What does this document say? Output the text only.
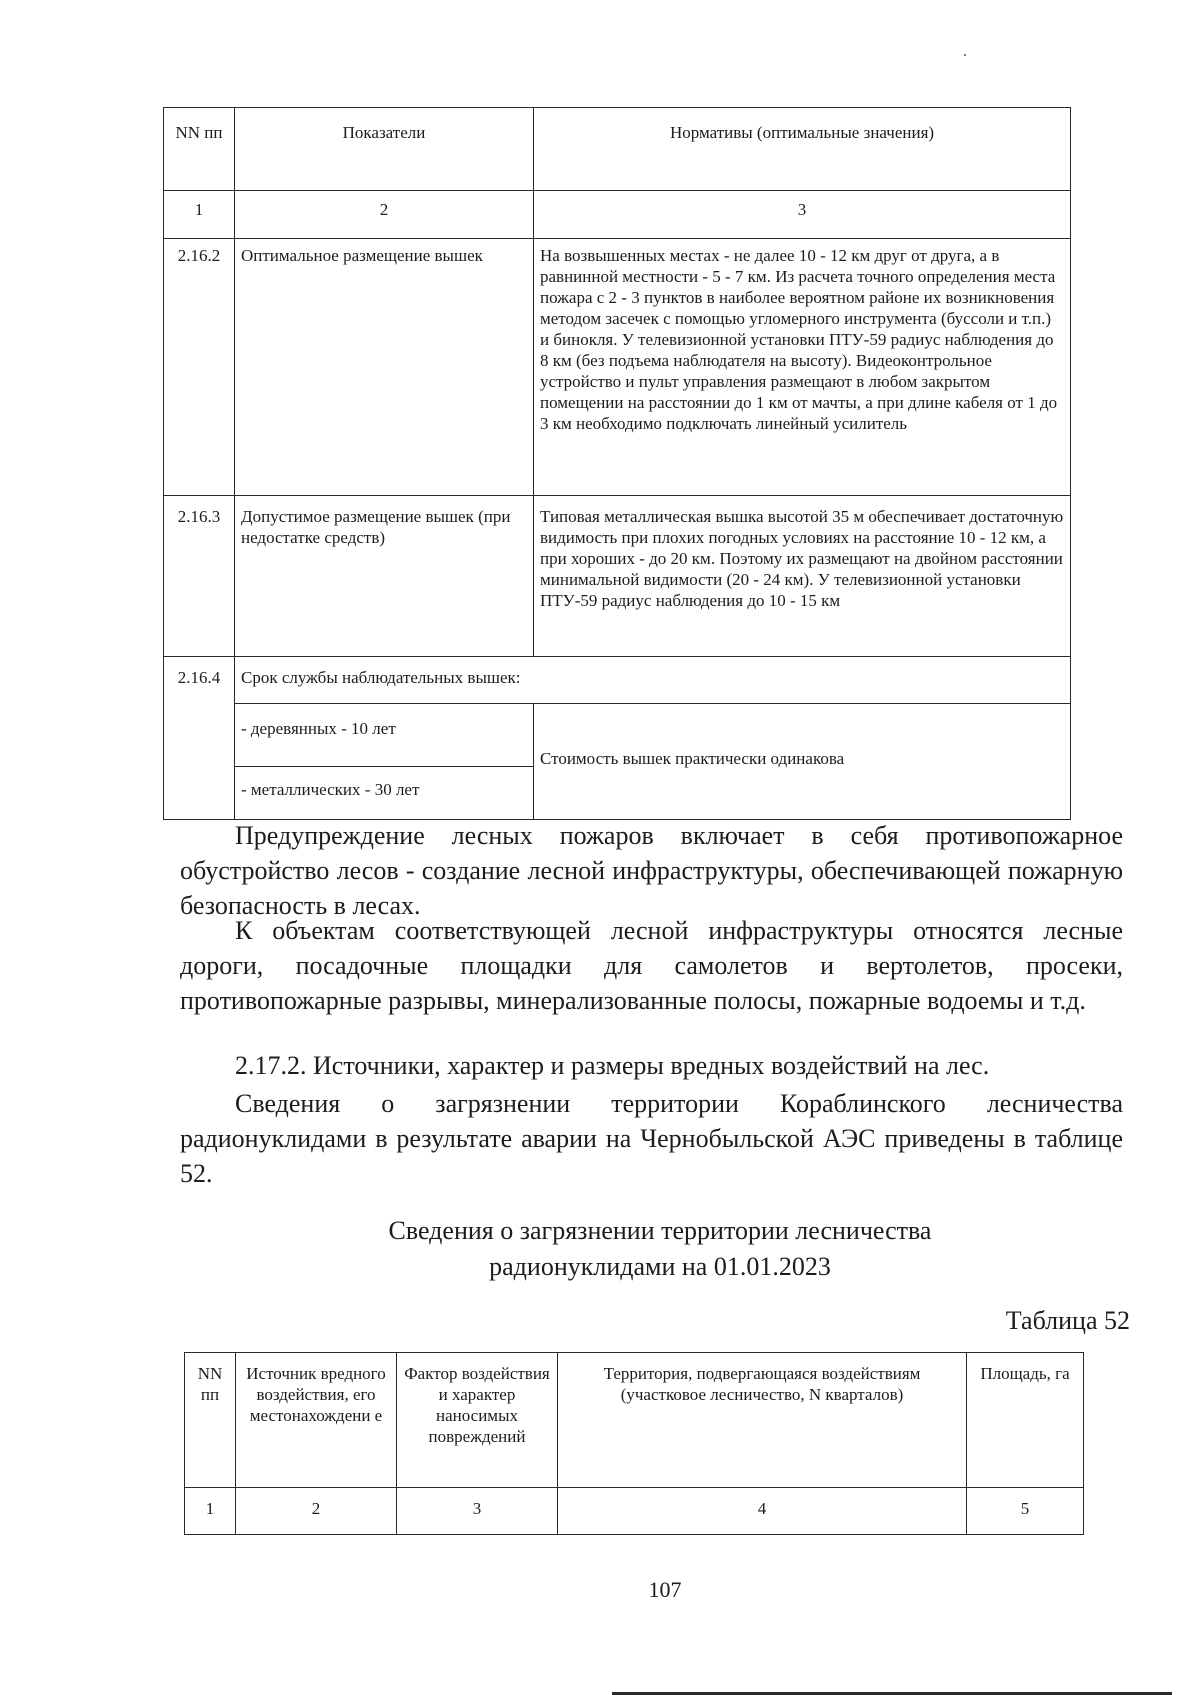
NN пп	Показатели	Нормативы (оптимальные значения)
1	2	3
2.16.2	Оптимальное размещение вышек	На возвышенных местах - не далее 10 - 12 км друг от друга, а в равнинной местности - 5 - 7 км. Из расчета точного определения места пожара с 2 - 3 пунктов в наиболее вероятном районе их возникновения методом засечек с помощью угломерного инструмента (буссоли и т.п.) и бинокля. У телевизионной установки ПТУ-59 радиус наблюдения до 8 км (без подъема наблюдателя на высоту). Видеоконтрольное устройство и пульт управления размещают в любом закрытом помещении на расстоянии до 1 км от мачты, а при длине кабеля от 1 до 3 км необходимо подключать линейный усилитель
2.16.3	Допустимое размещение вышек (при недостатке средств)	Типовая металлическая вышка высотой 35 м обеспечивает достаточную видимость при плохих погодных условиях на расстояние 10 - 12 км, а при хороших - до 20 км. Поэтому их размещают на двойном расстоянии минимальной видимости (20 - 24 км). У телевизионной установки ПТУ-59 радиус наблюдения до 10 - 15 км
2.16.4	Срок службы наблюдательных вышек:	
	- деревянных - 10 лет	Стоимость вышек практически одинакова
	- металлических - 30 лет	

Предупреждение лесных пожаров включает в себя противопожарное обустройство лесов - создание лесной инфраструктуры, обеспечивающей пожарную безопасность в лесах.

К объектам соответствующей лесной инфраструктуры относятся лесные дороги, посадочные площадки для самолетов и вертолетов, просеки, противопожарные разрывы, минерализованные полосы, пожарные водоемы и т.д.

2.17.2. Источники, характер и размеры вредных воздействий на лес.

Сведения о загрязнении территории Кораблинского лесничества радионуклидами в результате аварии на Чернобыльской АЭС приведены в таблице 52.

Сведения о загрязнении территории лесничества
радионуклидами на 01.01.2023
Таблица 52
NN пп	Источник вредного воздействия, его местонахождени е	Фактор воздействия и характер наносимых повреждений	Территория, подвергающаяся воздействиям (участковое лесничество, N кварталов)	Площадь, га
1	2	3	4	5
107
